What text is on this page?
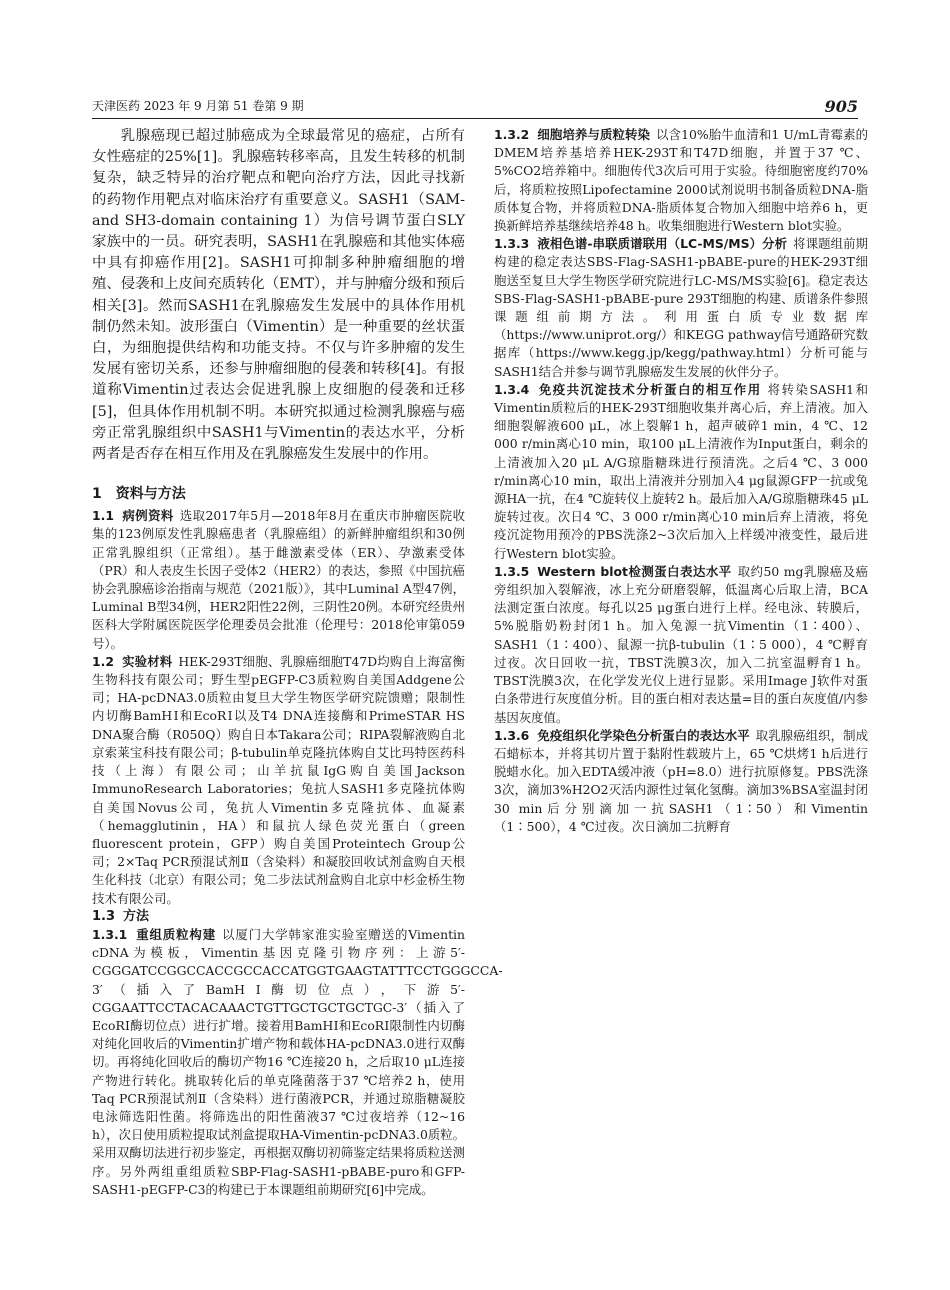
天津医药 2023 年 9 月第 51 卷第 9 期	905

乳腺癌现已超过肺癌成为全球最常见的癌症，占所有女性癌症的25%[1]。乳腺癌转移率高，且发生转移的机制复杂，缺乏特异的治疗靶点和靶向治疗方法，因此寻找新的药物作用靶点对临床治疗有重要意义。SASH1（SAM-and SH3-domain containing 1）为信号调节蛋白SLY家族中的一员。研究表明，SASH1在乳腺癌和其他实体癌中具有抑癌作用[2]。SASH1可抑制多种肿瘤细胞的增殖、侵袭和上皮间充质转化（EMT），并与肿瘤分级和预后相关[3]。然而SASH1在乳腺癌发生发展中的具体作用机制仍然未知。波形蛋白（Vimentin）是一种重要的丝状蛋白，为细胞提供结构和功能支持。不仅与许多肿瘤的发生发展有密切关系，还参与肿瘤细胞的侵袭和转移[4]。有报道称Vimentin过表达会促进乳腺上皮细胞的侵袭和迁移[5]，但具体作用机制不明。本研究拟通过检测乳腺癌与癌旁正常乳腺组织中SASH1与Vimentin的表达水平，分析两者是否存在相互作用及在乳腺癌发生发展中的作用。

1　资料与方法

1.1 病例资料 选取2017年5月—2018年8月在重庆市肿瘤医院收集的123例原发性乳腺癌患者（乳腺癌组）的新鲜肿瘤组织和30例正常乳腺组织（正常组）。基于雌激素受体（ER）、孕激素受体（PR）和人表皮生长因子受体2（HER2）的表达，参照《中国抗癌协会乳腺癌诊治指南与规范（2021版）》，其中Luminal A型47例，Luminal B型34例，HER2阳性22例，三阴性20例。本研究经贵州医科大学附属医院医学伦理委员会批准（伦理号：2018伦审第059号）。

1.2 实验材料 HEK-293T细胞、乳腺癌细胞T47D均购自上海富衡生物科技有限公司；野生型pEGFP-C3质粒购自美国Addgene公司；HA-pcDNA3.0质粒由复旦大学生物医学研究院馈赠；限制性内切酶BamHⅠ和EcoRⅠ以及T4 DNA连接酶和PrimeSTAR HS DNA聚合酶（R050Q）购自日本Takara公司；RIPA裂解液购自北京索莱宝科技有限公司；β-tubulin单克隆抗体购自艾比玛特医药科技（上海）有限公司；山羊抗鼠IgG购自美国Jackson ImmunoResearch Laboratories；兔抗人SASH1多克隆抗体购自美国Novus公司，兔抗人Vimentin多克隆抗体、血凝素（hemagglutinin，HA）和鼠抗人绿色荧光蛋白（green fluorescent protein，GFP）购自美国Proteintech Group公司；2×Taq PCR预混试剂Ⅱ（含染料）和凝胶回收试剂盒购自天根生化科技（北京）有限公司；兔二步法试剂盒购自北京中杉金桥生物技术有限公司。

1.3 方法

1.3.1 重组质粒构建 以厦门大学韩家淮实验室赠送的Vimentin cDNA为模板，Vimentin基因克隆引物序列：上游5′-CGGGATCCGGCCACCGCCACCATGGTGAAGTATTTCCTGGGCCA-3′（插入了BamHⅠ酶切位点），下游5′-CGGAATTCCTACACAAACTGTTGCTGCTGCTGC-3′（插入了EcoRⅠ酶切位点）进行扩增。接着用BamHⅠ和EcoRⅠ限制性内切酶对纯化回收后的Vimentin扩增产物和载体HA-pcDNA3.0进行双酶切。再将纯化回收后的酶切产物16 ℃连接20 h，之后取10 μL连接产物进行转化。挑取转化后的单克隆菌落于37 ℃培养2 h，使用Taq PCR预混试剂Ⅱ（含染料）进行菌液PCR，并通过琼脂糖凝胶电泳筛选阳性菌。将筛选出的阳性菌液37 ℃过夜培养（12~16 h），次日使用质粒提取试剂盒提取HA-Vimentin-pcDNA3.0质粒。采用双酶切法进行初步鉴定，再根据双酶切初筛鉴定结果将质粒送测序。另外两组重组质粒SBP-Flag-SASH1-pBABE-puro和GFP-SASH1-pEGFP-C3的构建已于本课题组前期研究[6]中完成。

1.3.2 细胞培养与质粒转染 以含10%胎牛血清和1 U/mL青霉素的DMEM培养基培养HEK-293T和T47D细胞，并置于37 ℃、5%CO2培养箱中。细胞传代3次后可用于实验。待细胞密度约70%后，将质粒按照Lipofectamine 2000试剂说明书制备质粒DNA-脂质体复合物，并将质粒DNA-脂质体复合物加入细胞中培养6 h，更换新鲜培养基继续培养48 h。收集细胞进行Western blot实验。

1.3.3 液相色谱-串联质谱联用（LC-MS/MS）分析 将课题组前期构建的稳定表达SBS-Flag-SASH1-pBABE-pure的HEK-293T细胞送至复旦大学生物医学研究院进行LC-MS/MS实验[6]。稳定表达SBS-Flag-SASH1-pBABE-pure 293T细胞的构建、质谱条件参照课题组前期方法。利用蛋白质专业数据库（https://www.uniprot.org/）和KEGG pathway信号通路研究数据库（https://www.kegg.jp/kegg/pathway.html）分析可能与SASH1结合并参与调节乳腺癌发生发展的伙伴分子。

1.3.4 免疫共沉淀技术分析蛋白的相互作用 将转染SASH1和Vimentin质粒后的HEK-293T细胞收集并离心后，弃上清液。加入细胞裂解液600 μL，冰上裂解1 h，超声破碎1 min，4 ℃、12 000 r/min离心10 min，取100 μL上清液作为Input蛋白，剩余的上清液加入20 μL A/G琼脂糖珠进行预清洗。之后4 ℃、3 000 r/min离心10 min，取出上清液并分别加入4 μg鼠源GFP一抗或兔源HA一抗，在4 ℃旋转仪上旋转2 h。最后加入A/G琼脂糖珠45 μL旋转过夜。次日4 ℃、3 000 r/min离心10 min后弃上清液，将免疫沉淀物用预冷的PBS洗涤2~3次后加入上样缓冲液变性，最后进行Western blot实验。

1.3.5 Western blot检测蛋白表达水平 取约50 mg乳腺癌及癌旁组织加入裂解液，冰上充分研磨裂解，低温离心后取上清，BCA法测定蛋白浓度。每孔以25 μg蛋白进行上样。经电泳、转膜后，5%脱脂奶粉封闭1 h。加入兔源一抗Vimentin（1∶400）、SASH1（1∶400）、鼠源一抗β-tubulin（1∶5 000），4 ℃孵育过夜。次日回收一抗，TBST洗膜3次，加入二抗室温孵育1 h。TBST洗膜3次，在化学发光仪上进行显影。采用Image J软件对蛋白条带进行灰度值分析。目的蛋白相对表达量=目的蛋白灰度值/内参基因灰度值。

1.3.6 免疫组织化学染色分析蛋白的表达水平 取乳腺癌组织，制成石蜡标本，并将其切片置于黏附性载玻片上，65 ℃烘烤1 h后进行脱蜡水化。加入EDTA缓冲液（pH=8.0）进行抗原修复。PBS洗涤3次，滴加3%H2O2灭活内源性过氧化氢酶。滴加3%BSA室温封闭30 min后分别滴加一抗SASH1（1∶50）和Vimentin（1∶500），4 ℃过夜。次日滴加二抗孵育
